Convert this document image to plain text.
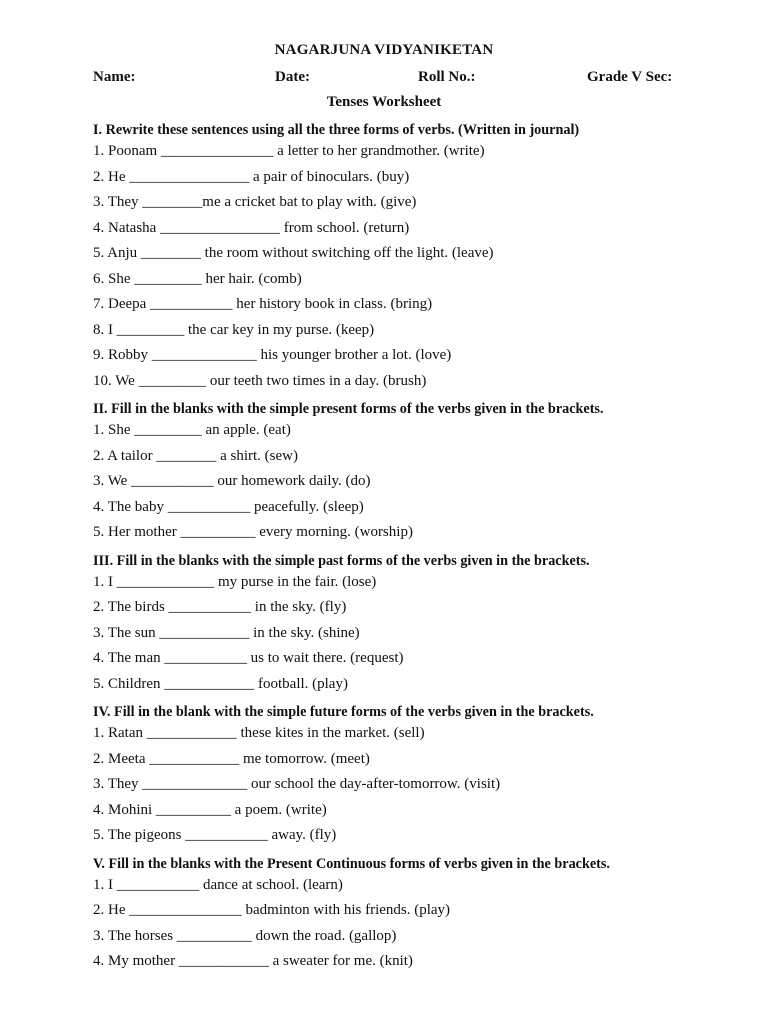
NAGARJUNA VIDYANIKETAN
Name:	Date:	Roll No.:	Grade V Sec:
Tenses Worksheet

I. Rewrite these sentences using all the three forms of verbs. (Written in journal)

1. Poonam _______________ a letter to her grandmother. (write)
2. He ________________ a pair of binoculars. (buy)
3. They ________me a cricket bat to play with. (give)
4. Natasha ________________ from school. (return)
5. Anju ________ the room without switching off the light. (leave)
6. She _________ her hair. (comb)
7. Deepa ___________ her history book in class. (bring)
8. I _________ the car key in my purse. (keep)
9. Robby ______________ his younger brother a lot. (love)
10. We _________ our teeth two times in a day. (brush)

II. Fill in the blanks with the simple present forms of the verbs given in the brackets.

1. She _________ an apple. (eat)
2. A tailor ________ a shirt. (sew)
3. We ___________ our homework daily. (do)
4. The baby ___________ peacefully. (sleep)
5. Her mother __________ every morning. (worship)

III. Fill in the blanks with the simple past forms of the verbs given in the brackets.

1. I _____________ my purse in the fair. (lose)
2. The birds ___________ in the sky. (fly)
3. The sun ____________ in the sky. (shine)
4. The man ___________ us to wait there. (request)
5. Children ____________ football. (play)

IV. Fill in the blank with the simple future forms of the verbs given in the brackets.

1. Ratan ____________ these kites in the market. (sell)
2. Meeta ____________ me tomorrow. (meet)
3. They ______________ our school the day-after-tomorrow. (visit)
4. Mohini __________ a poem. (write)
5. The pigeons ___________ away. (fly)

V. Fill in the blanks with the Present Continuous forms of verbs given in the brackets.

1. I ___________ dance at school. (learn)
2. He _______________ badminton with his friends. (play)
3. The horses __________ down the road. (gallop)
4. My mother ____________ a sweater for me. (knit)
